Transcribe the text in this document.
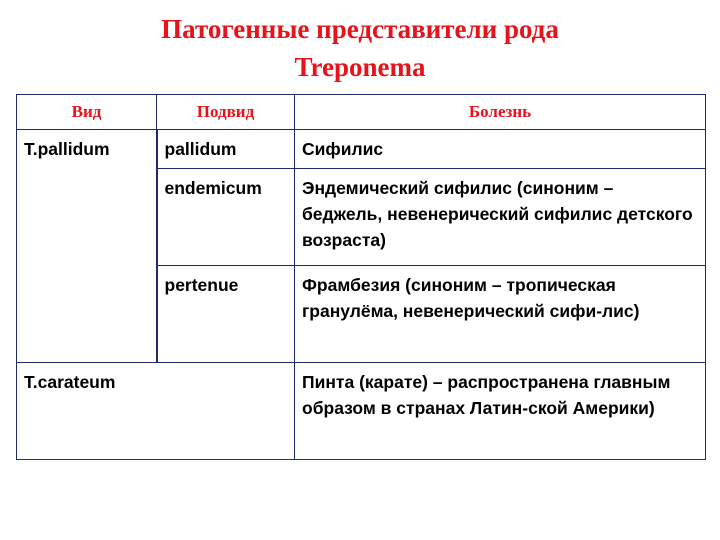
Патогенные представители рода
Treponema
Вид	Подвид	Болезнь
T.pallidum	pallidum	Сифилис
	endemicum	Эндемический сифилис (синоним – беджель, невенерический сифилис детского возраста)
	pertenue	Фрамбезия (синоним – тропическая гранулёма, невенерический сифи-лис)
T.carateum		Пинта (карате) – распространена главным образом в странах Латин-ской Америки)
